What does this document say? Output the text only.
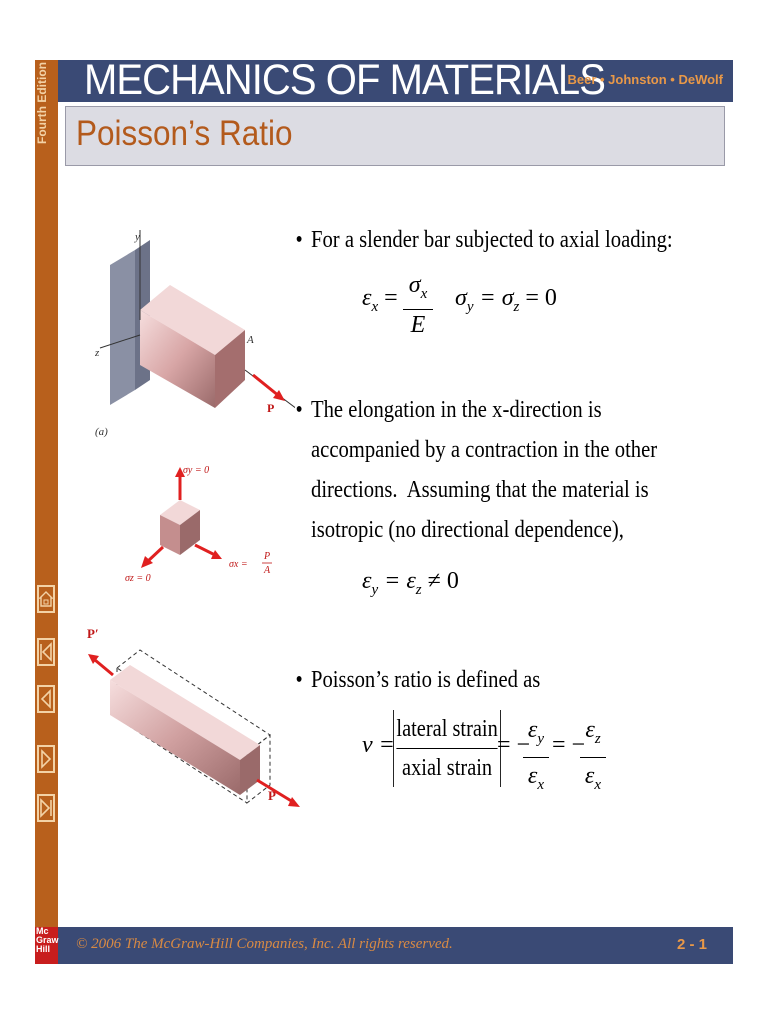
Fourth Edition MECHANICS OF MATERIALS
Beer • Johnston • DeWolf
Poisson’s Ratio
y
z
A
P
(a)
σy = 0
σx =
P
A
σz = 0
P′
P
• For a slender bar subjected to axial loading:
$\varepsilon_x = \sigma_x$
E
$\sigma_y = \sigma_z = 0$
• The elongation in the x-direction is
accompanied by a contraction in the other
directions.  Assuming that the material is
isotropic (no directional dependence),
$\varepsilon_y = \varepsilon_z \ne 0$
• Poisson’s ratio is defined as
ν =
lateral strain
axial strain
= −
$\varepsilon_y$
$\varepsilon_x$
= −
$\varepsilon_z$
$\varepsilon_x$
© 2006 The McGraw-Hill Companies, Inc. All rights reserved.	2 - 1
Mc
Graw
Hill
